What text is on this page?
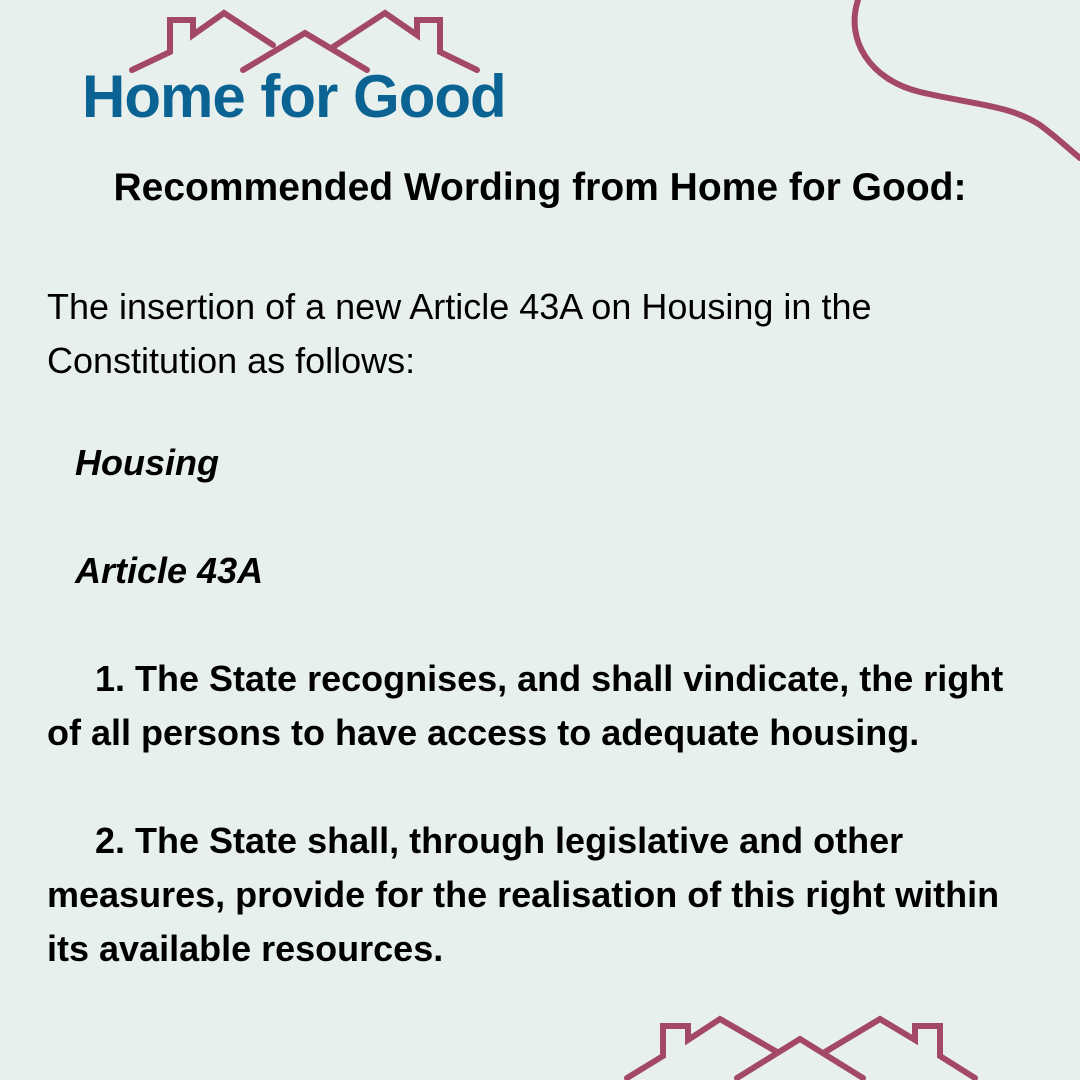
Home for Good
Recommended Wording from Home for Good:
The insertion of a new Article 43A on Housing in the Constitution as follows:
Housing
Article 43A
1. The State recognises, and shall vindicate, the right of all persons to have access to adequate housing.
2. The State shall, through legislative and other measures, provide for the realisation of this right within its available resources.
